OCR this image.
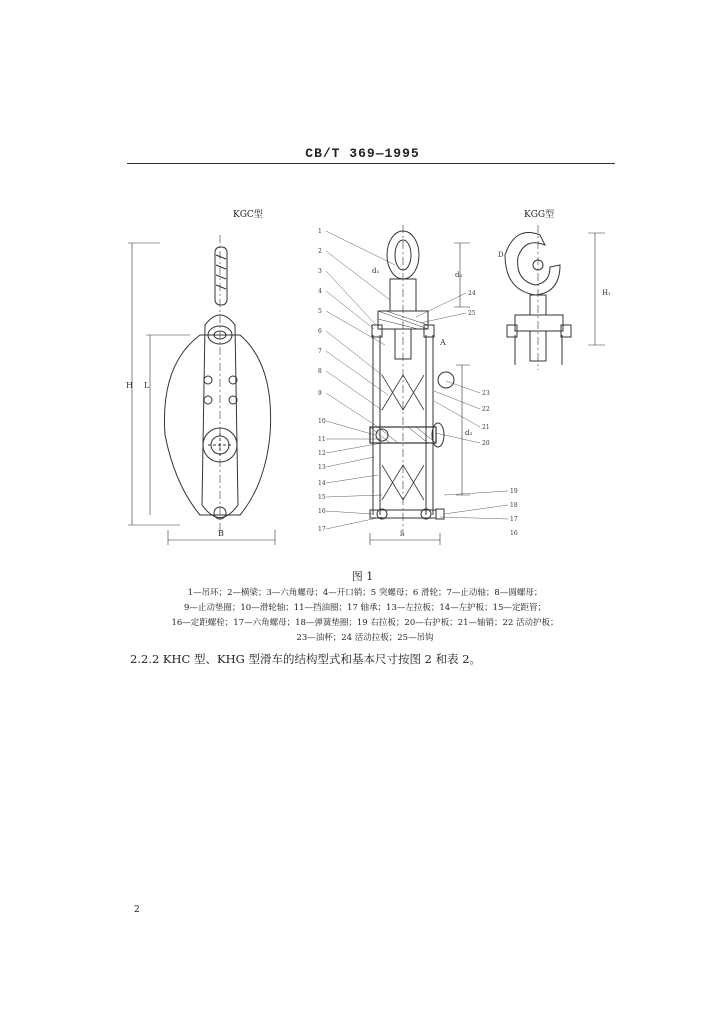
CB/T 369—1995
KGC型	KGG型
H L
B
d₁	d₂
d₃
l₁
A
1
2
3
4
5
6
7
8
9
10
11
12
13
14
15
16
17
D
H₁
24
25
23
22
21
20
19
18
17
16
图 1
1—吊环；2—横梁；3—六角螺母；4—开口销；5 突螺母；6 滑轮；7—止动轴；8—圆螺母；
9—止动垫圈；10—滑轮轴；11—挡油圈；17 轴承；13—左拉板；14—左护板；15—定距管；
16—定距螺栓；17—六角螺母；18—弹簧垫圈；19 右拉板；20—右护板；21—轴销；22 活动护板；
23—油杯；24 活动拉板；25—吊钩
2.2.2 KHC 型、KHG 型滑车的结构型式和基本尺寸按图 2 和表 2。
2
